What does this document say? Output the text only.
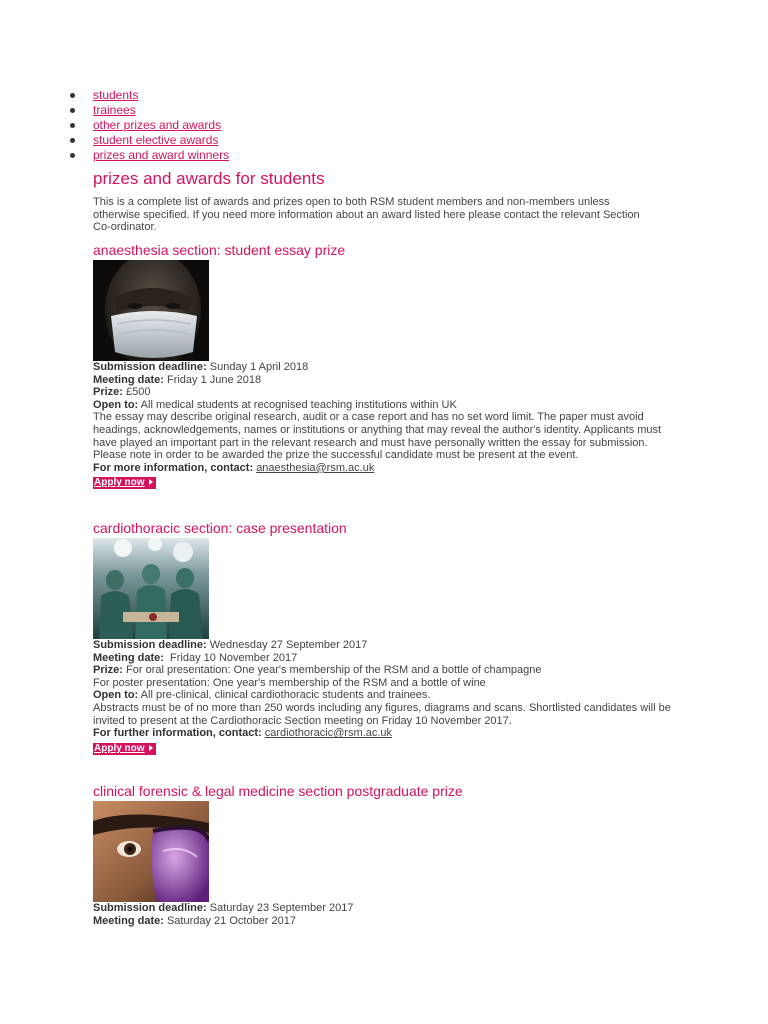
students
trainees
other prizes and awards
student elective awards
prizes and award winners
prizes and awards for students

This is a complete list of awards and prizes open to both RSM student members and non-members unless otherwise specified. If you need more information about an award listed here please contact the relevant Section Co-ordinator.

anaesthesia section: student essay prize

Submission deadline: Sunday 1 April 2018

Meeting date: Friday 1 June 2018

Prize: £500

Open to: All medical students at recognised teaching institutions within UK

The essay may describe original research, audit or a case report and has no set word limit. The paper must avoid headings, acknowledgements, names or institutions or anything that may reveal the author's identity. Applicants must have played an important part in the relevant research and must have personally written the essay for submission. Please note in order to be awarded the prize the successful candidate must be present at the event.

For more information, contact: anaesthesia@rsm.ac.uk

Apply now
cardiothoracic section: case presentation

Submission deadline: Wednesday 27 September 2017

Meeting date: Friday 10 November 2017

Prize: For oral presentation: One year's membership of the RSM and a bottle of champagne

For poster presentation: One year's membership of the RSM and a bottle of wine

Open to: All pre-clinical, clinical cardiothoracic students and trainees.

Abstracts must be of no more than 250 words including any figures, diagrams and scans. Shortlisted candidates will be invited to present at the Cardiothoracic Section meeting on Friday 10 November 2017.

For further information, contact: cardiothoracic@rsm.ac.uk

Apply now
clinical forensic & legal medicine section postgraduate prize

Submission deadline: Saturday 23 September 2017

Meeting date: Saturday 21 October 2017
